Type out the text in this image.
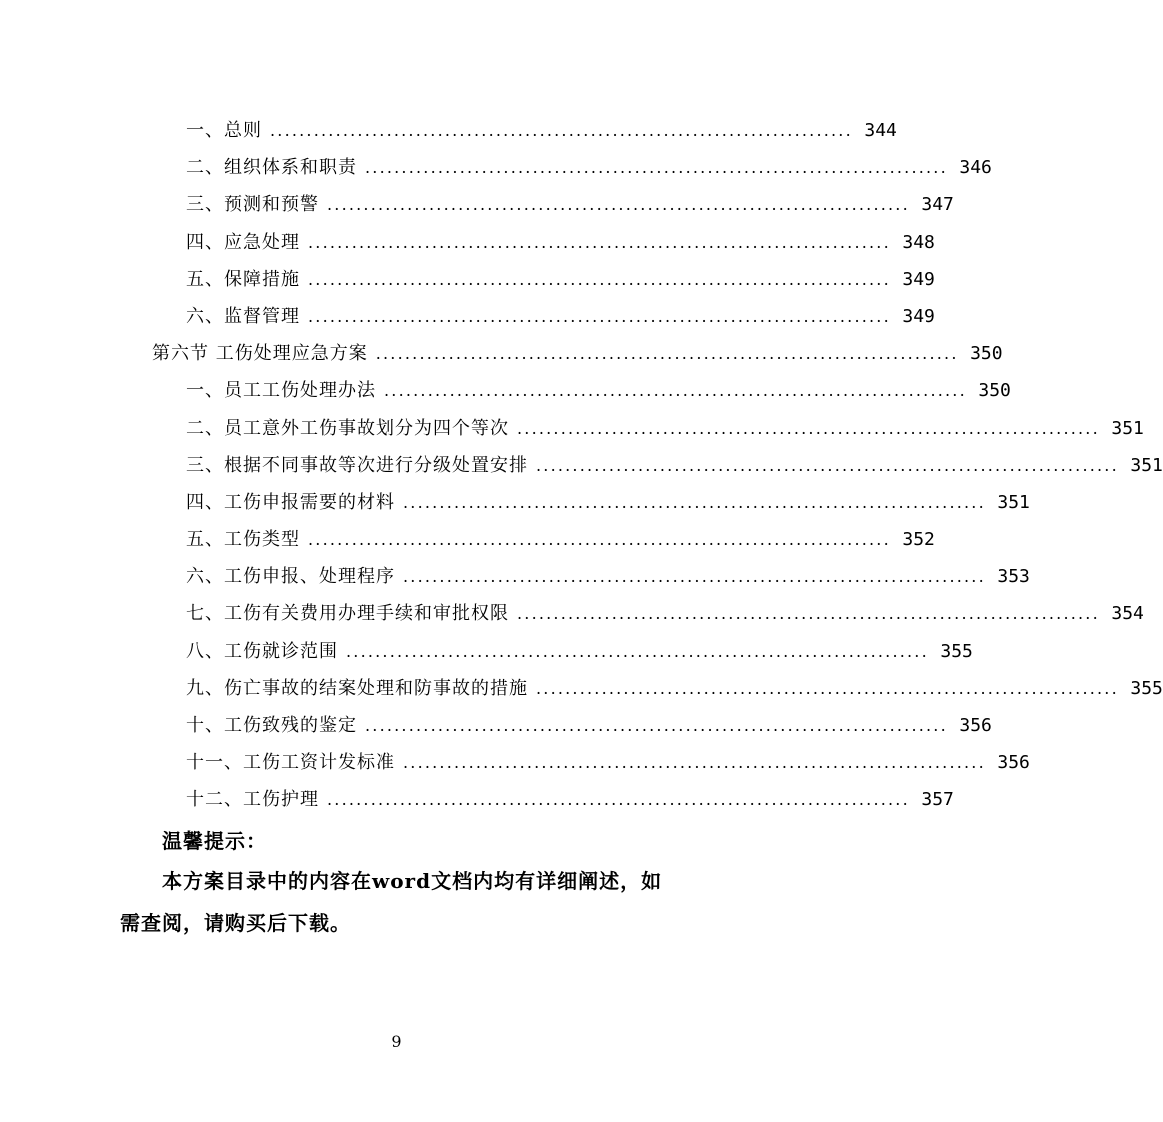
一、总则 ................................................................................ 344
二、组织体系和职责 ................................................................................ 346
三、预测和预警 ................................................................................ 347
四、应急处理 ................................................................................ 348
五、保障措施 ................................................................................ 349
六、监督管理 ................................................................................ 349
第六节 工伤处理应急方案 ................................................................................ 350
一、员工工伤处理办法 ................................................................................ 350
二、员工意外工伤事故划分为四个等次 ................................................................................ 351
三、根据不同事故等次进行分级处置安排 ................................................................................ 351
四、工伤申报需要的材料 ................................................................................ 351
五、工伤类型 ................................................................................ 352
六、工伤申报、处理程序 ................................................................................ 353
七、工伤有关费用办理手续和审批权限 ................................................................................ 354
八、工伤就诊范围 ................................................................................ 355
九、伤亡事故的结案处理和防事故的措施 ................................................................................ 355
十、工伤致残的鉴定 ................................................................................ 356
十一、工伤工资计发标准 ................................................................................ 356
十二、工伤护理 ................................................................................ 357
温馨提示：
本方案目录中的内容在word文档内均有详细阐述，如需查阅，请购买后下载。
9
